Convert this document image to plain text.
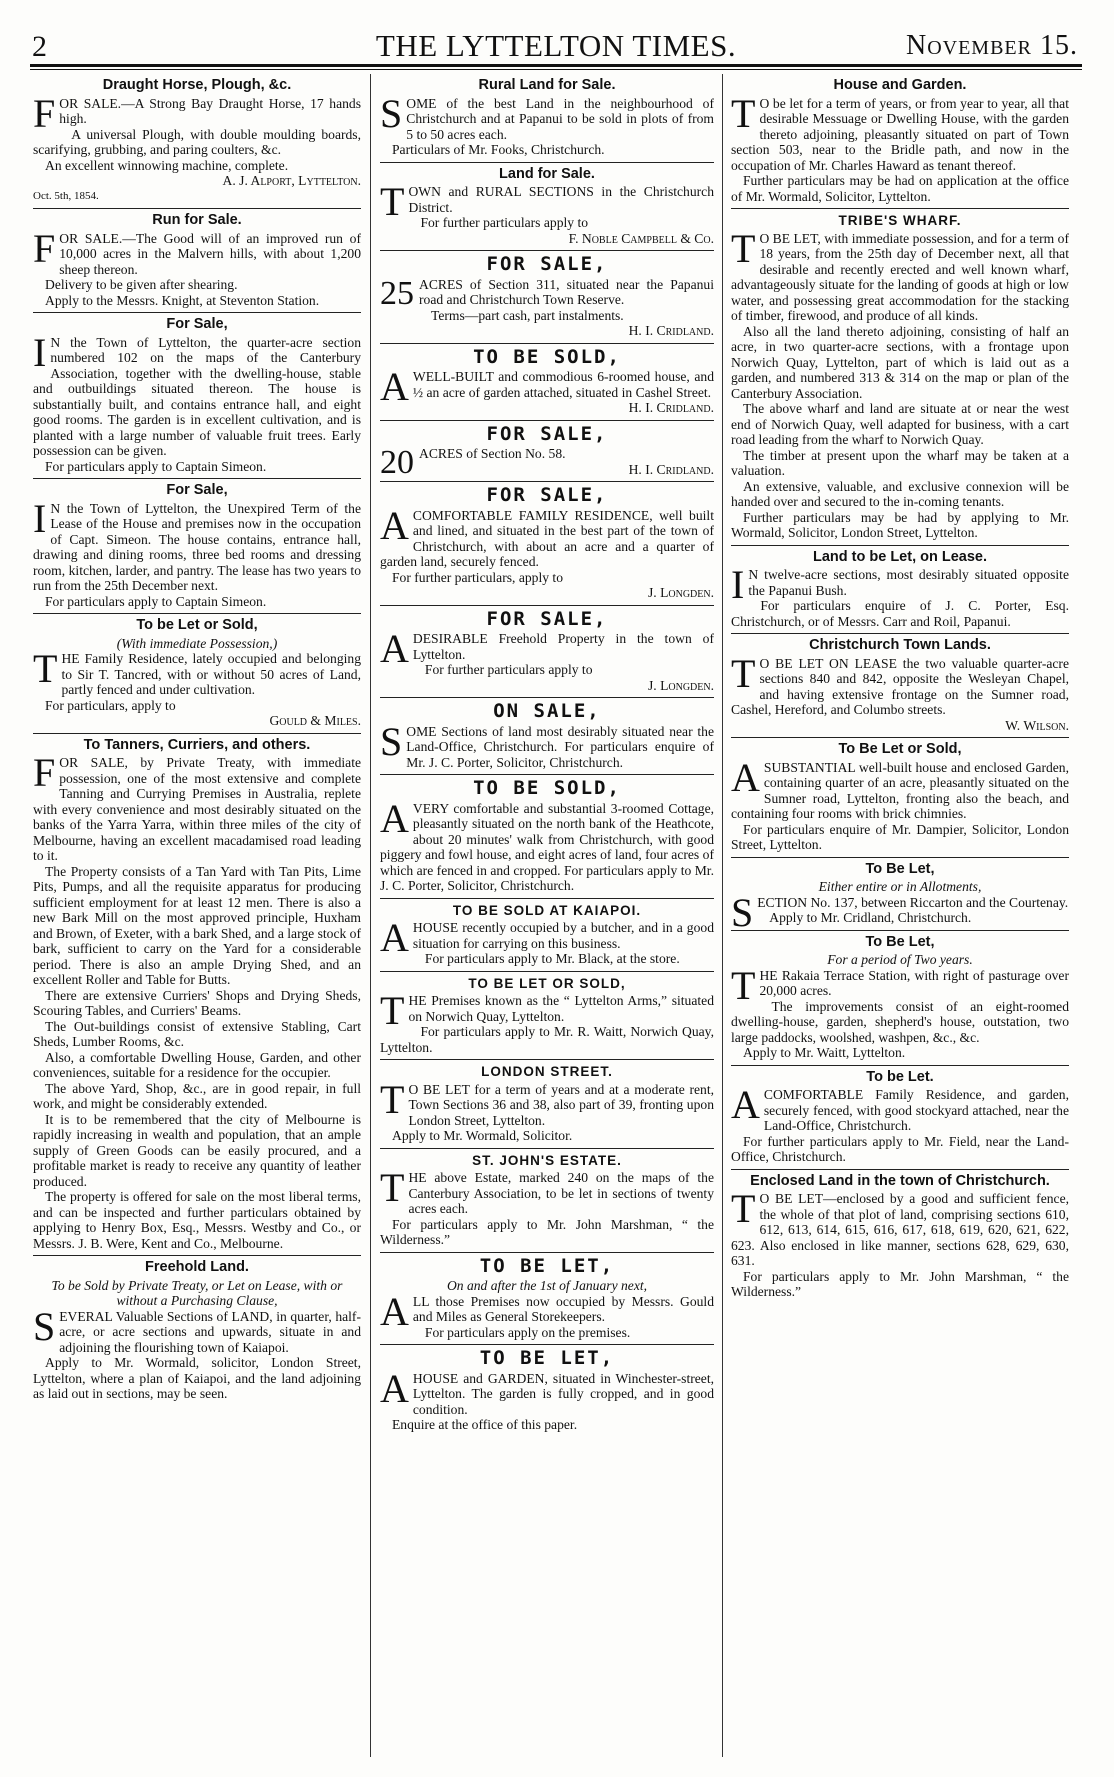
2	THE LYTTELTON TIMES.	November 15.
Draught Horse, Plough, &c.

FOR SALE.—A Strong Bay Draught Horse, 17 hands high.

A universal Plough, with double moulding boards, scarifying, grubbing, and paring coulters, &c.

An excellent winnowing machine, complete.

A. J. Alport, Lyttelton.
Oct. 5th, 1854.
Run for Sale.

FOR SALE.—The Good will of an improved run of 10,000 acres in the Malvern hills, with about 1,200 sheep thereon.

Delivery to be given after shearing.

Apply to the Messrs. Knight, at Steventon Station.

For Sale,

I N the Town of Lyttelton, the quarter-acre section numbered 102 on the maps of the Canterbury Association, together with the dwelling-house, stable and outbuildings situated thereon. The house is substantially built, and contains entrance hall, and eight good rooms. The garden is in excellent cultivation, and is planted with a large number of valuable fruit trees. Early possession can be given.

For particulars apply to Captain Simeon.

For Sale,

I N the Town of Lyttelton, the Unexpired Term of the Lease of the House and premises now in the occupation of Capt. Simeon. The house contains, entrance hall, drawing and dining rooms, three bed rooms and dressing room, kitchen, larder, and pantry. The lease has two years to run from the 25th December next.

For particulars apply to Captain Simeon.

To be Let or Sold,
(With immediate Possession,)

THE Family Residence, lately occupied and belonging to Sir T. Tancred, with or without 50 acres of Land, partly fenced and under cultivation.

For particulars, apply to

Gould & Miles.
To Tanners, Curriers, and others.

FOR SALE, by Private Treaty, with immediate possession, one of the most extensive and complete Tanning and Currying Premises in Australia, replete with every convenience and most desirably situated on the banks of the Yarra Yarra, within three miles of the city of Melbourne, having an excellent macadamised road leading to it.

The Property consists of a Tan Yard with Tan Pits, Lime Pits, Pumps, and all the requisite apparatus for producing sufficient employment for at least 12 men. There is also a new Bark Mill on the most approved principle, Huxham and Brown, of Exeter, with a bark Shed, and a large stock of bark, sufficient to carry on the Yard for a considerable period. There is also an ample Drying Shed, and an excellent Roller and Table for Butts.

There are extensive Curriers' Shops and Drying Sheds, Scouring Tables, and Curriers' Beams.

The Out-buildings consist of extensive Stabling, Cart Sheds, Lumber Rooms, &c.

Also, a comfortable Dwelling House, Garden, and other conveniences, suitable for a residence for the occupier.

The above Yard, Shop, &c., are in good repair, in full work, and might be considerably extended.

It is to be remembered that the city of Melbourne is rapidly increasing in wealth and population, that an ample supply of Green Goods can be easily procured, and a profitable market is ready to receive any quantity of leather produced.

The property is offered for sale on the most liberal terms, and can be inspected and further particulars obtained by applying to Henry Box, Esq., Messrs. Westby and Co., or Messrs. J. B. Were, Kent and Co., Melbourne.

Freehold Land.
To be Sold by Private Treaty, or Let on Lease, with or without a Purchasing Clause,

SEVERAL Valuable Sections of LAND, in quarter, half-acre, or acre sections and upwards, situate in and adjoining the flourishing town of Kaiapoi.

Apply to Mr. Wormald, solicitor, London Street, Lyttelton, where a plan of Kaiapoi, and the land adjoining as laid out in sections, may be seen.

Rural Land for Sale.

SOME of the best Land in the neighbourhood of Christchurch and at Papanui to be sold in plots of from 5 to 50 acres each.

Particulars of Mr. Fooks, Christchurch.

Land for Sale.

TOWN and RURAL SECTIONS in the Christchurch District.

For further particulars apply to

F. Noble Campbell & Co.
FOR SALE,

25 ACRES of Section 311, situated near the Papanui road and Christchurch Town Reserve.

Terms—part cash, part instalments.

H. I. Cridland.
TO BE SOLD,

AWELL-BUILT and commodious 6-roomed house, and ½ an acre of garden attached, situated in Cashel Street.

H. I. Cridland.
FOR SALE,

20 ACRES of Section No. 58.

H. I. Cridland.
FOR SALE,

ACOMFORTABLE FAMILY RESIDENCE, well built and lined, and situated in the best part of the town of Christchurch, with about an acre and a quarter of garden land, securely fenced.

For further particulars, apply to

J. Longden.
FOR SALE,

ADESIRABLE Freehold Property in the town of Lyttelton.

For further particulars apply to

J. Longden.
ON SALE,

SOME Sections of land most desirably situated near the Land-Office, Christchurch. For particulars enquire of Mr. J. C. Porter, Solicitor, Christchurch.

TO BE SOLD,

AVERY comfortable and substantial 3-roomed Cottage, pleasantly situated on the north bank of the Heathcote, about 20 minutes' walk from Christchurch, with good piggery and fowl house, and eight acres of land, four acres of which are fenced in and cropped. For particulars apply to Mr. J. C. Porter, Solicitor, Christchurch.

TO BE SOLD AT KAIAPOI.

AHOUSE recently occupied by a butcher, and in a good situation for carrying on this business.

For particulars apply to Mr. Black, at the store.

TO BE LET OR SOLD,

THE Premises known as the “ Lyttelton Arms,” situated on Norwich Quay, Lyttelton.

For particulars apply to Mr. R. Waitt, Norwich Quay, Lyttelton.

LONDON STREET.

T O BE LET for a term of years and at a moderate rent, Town Sections 36 and 38, also part of 39, fronting upon London Street, Lyttelton.

Apply to Mr. Wormald, Solicitor.

ST. JOHN'S ESTATE.

THE above Estate, marked 240 on the maps of the Canterbury Association, to be let in sections of twenty acres each.

For particulars apply to Mr. John Marshman, “ the Wilderness.”

TO BE LET,
On and after the 1st of January next,

ALL those Premises now occupied by Messrs. Gould and Miles as General Storekeepers.

For particulars apply on the premises.

TO BE LET,

AHOUSE and GARDEN, situated in Winchester-street, Lyttelton. The garden is fully cropped, and in good condition.

Enquire at the office of this paper.

House and Garden.

T O be let for a term of years, or from year to year, all that desirable Messuage or Dwelling House, with the garden thereto adjoining, pleasantly situated on part of Town section 503, near to the Bridle path, and now in the occupation of Mr. Charles Haward as tenant thereof.

Further particulars may be had on application at the office of Mr. Wormald, Solicitor, Lyttelton.

TRIBE'S WHARF.

T O BE LET, with immediate possession, and for a term of 18 years, from the 25th day of December next, all that desirable and recently erected and well known wharf, advantageously situate for the landing of goods at high or low water, and possessing great accommodation for the stacking of timber, firewood, and produce of all kinds.

Also all the land thereto adjoining, consisting of half an acre, in two quarter-acre sections, with a frontage upon Norwich Quay, Lyttelton, part of which is laid out as a garden, and numbered 313 & 314 on the map or plan of the Canterbury Association.

The above wharf and land are situate at or near the west end of Norwich Quay, well adapted for business, with a cart road leading from the wharf to Norwich Quay.

The timber at present upon the wharf may be taken at a valuation.

An extensive, valuable, and exclusive connexion will be handed over and secured to the in-coming tenants.

Further particulars may be had by applying to Mr. Wormald, Solicitor, London Street, Lyttelton.

Land to be Let, on Lease.

I N twelve-acre sections, most desirably situated opposite the Papanui Bush.

For particulars enquire of J. C. Porter, Esq. Christchurch, or of Messrs. Carr and Roil, Papanui.

Christchurch Town Lands.

T O BE LET ON LEASE the two valuable quarter-acre sections 840 and 842, opposite the Wesleyan Chapel, and having extensive frontage on the Sumner road, Cashel, Hereford, and Columbo streets.

W. Wilson.
To Be Let or Sold,

ASUBSTANTIAL well-built house and enclosed Garden, containing quarter of an acre, pleasantly situated on the Sumner road, Lyttelton, fronting also the beach, and containing four rooms with brick chimnies.

For particulars enquire of Mr. Dampier, Solicitor, London Street, Lyttelton.

To Be Let,
Either entire or in Allotments,

SECTION No. 137, between Riccarton and the Courtenay.

Apply to Mr. Cridland, Christchurch.

To Be Let,
For a period of Two years.

THE Rakaia Terrace Station, with right of pasturage over 20,000 acres.

The improvements consist of an eight-roomed dwelling-house, garden, shepherd's house, outstation, two large paddocks, woolshed, washpen, &c., &c.

Apply to Mr. Waitt, Lyttelton.

To be Let.

ACOMFORTABLE Family Residence, and garden, securely fenced, with good stockyard attached, near the Land-Office, Christchurch.

For further particulars apply to Mr. Field, near the Land-Office, Christchurch.

Enclosed Land in the town of Christchurch.

T O BE LET—enclosed by a good and sufficient fence, the whole of that plot of land, comprising sections 610, 612, 613, 614, 615, 616, 617, 618, 619, 620, 621, 622, 623. Also enclosed in like manner, sections 628, 629, 630, 631.

For particulars apply to Mr. John Marshman, “ the Wilderness.”
